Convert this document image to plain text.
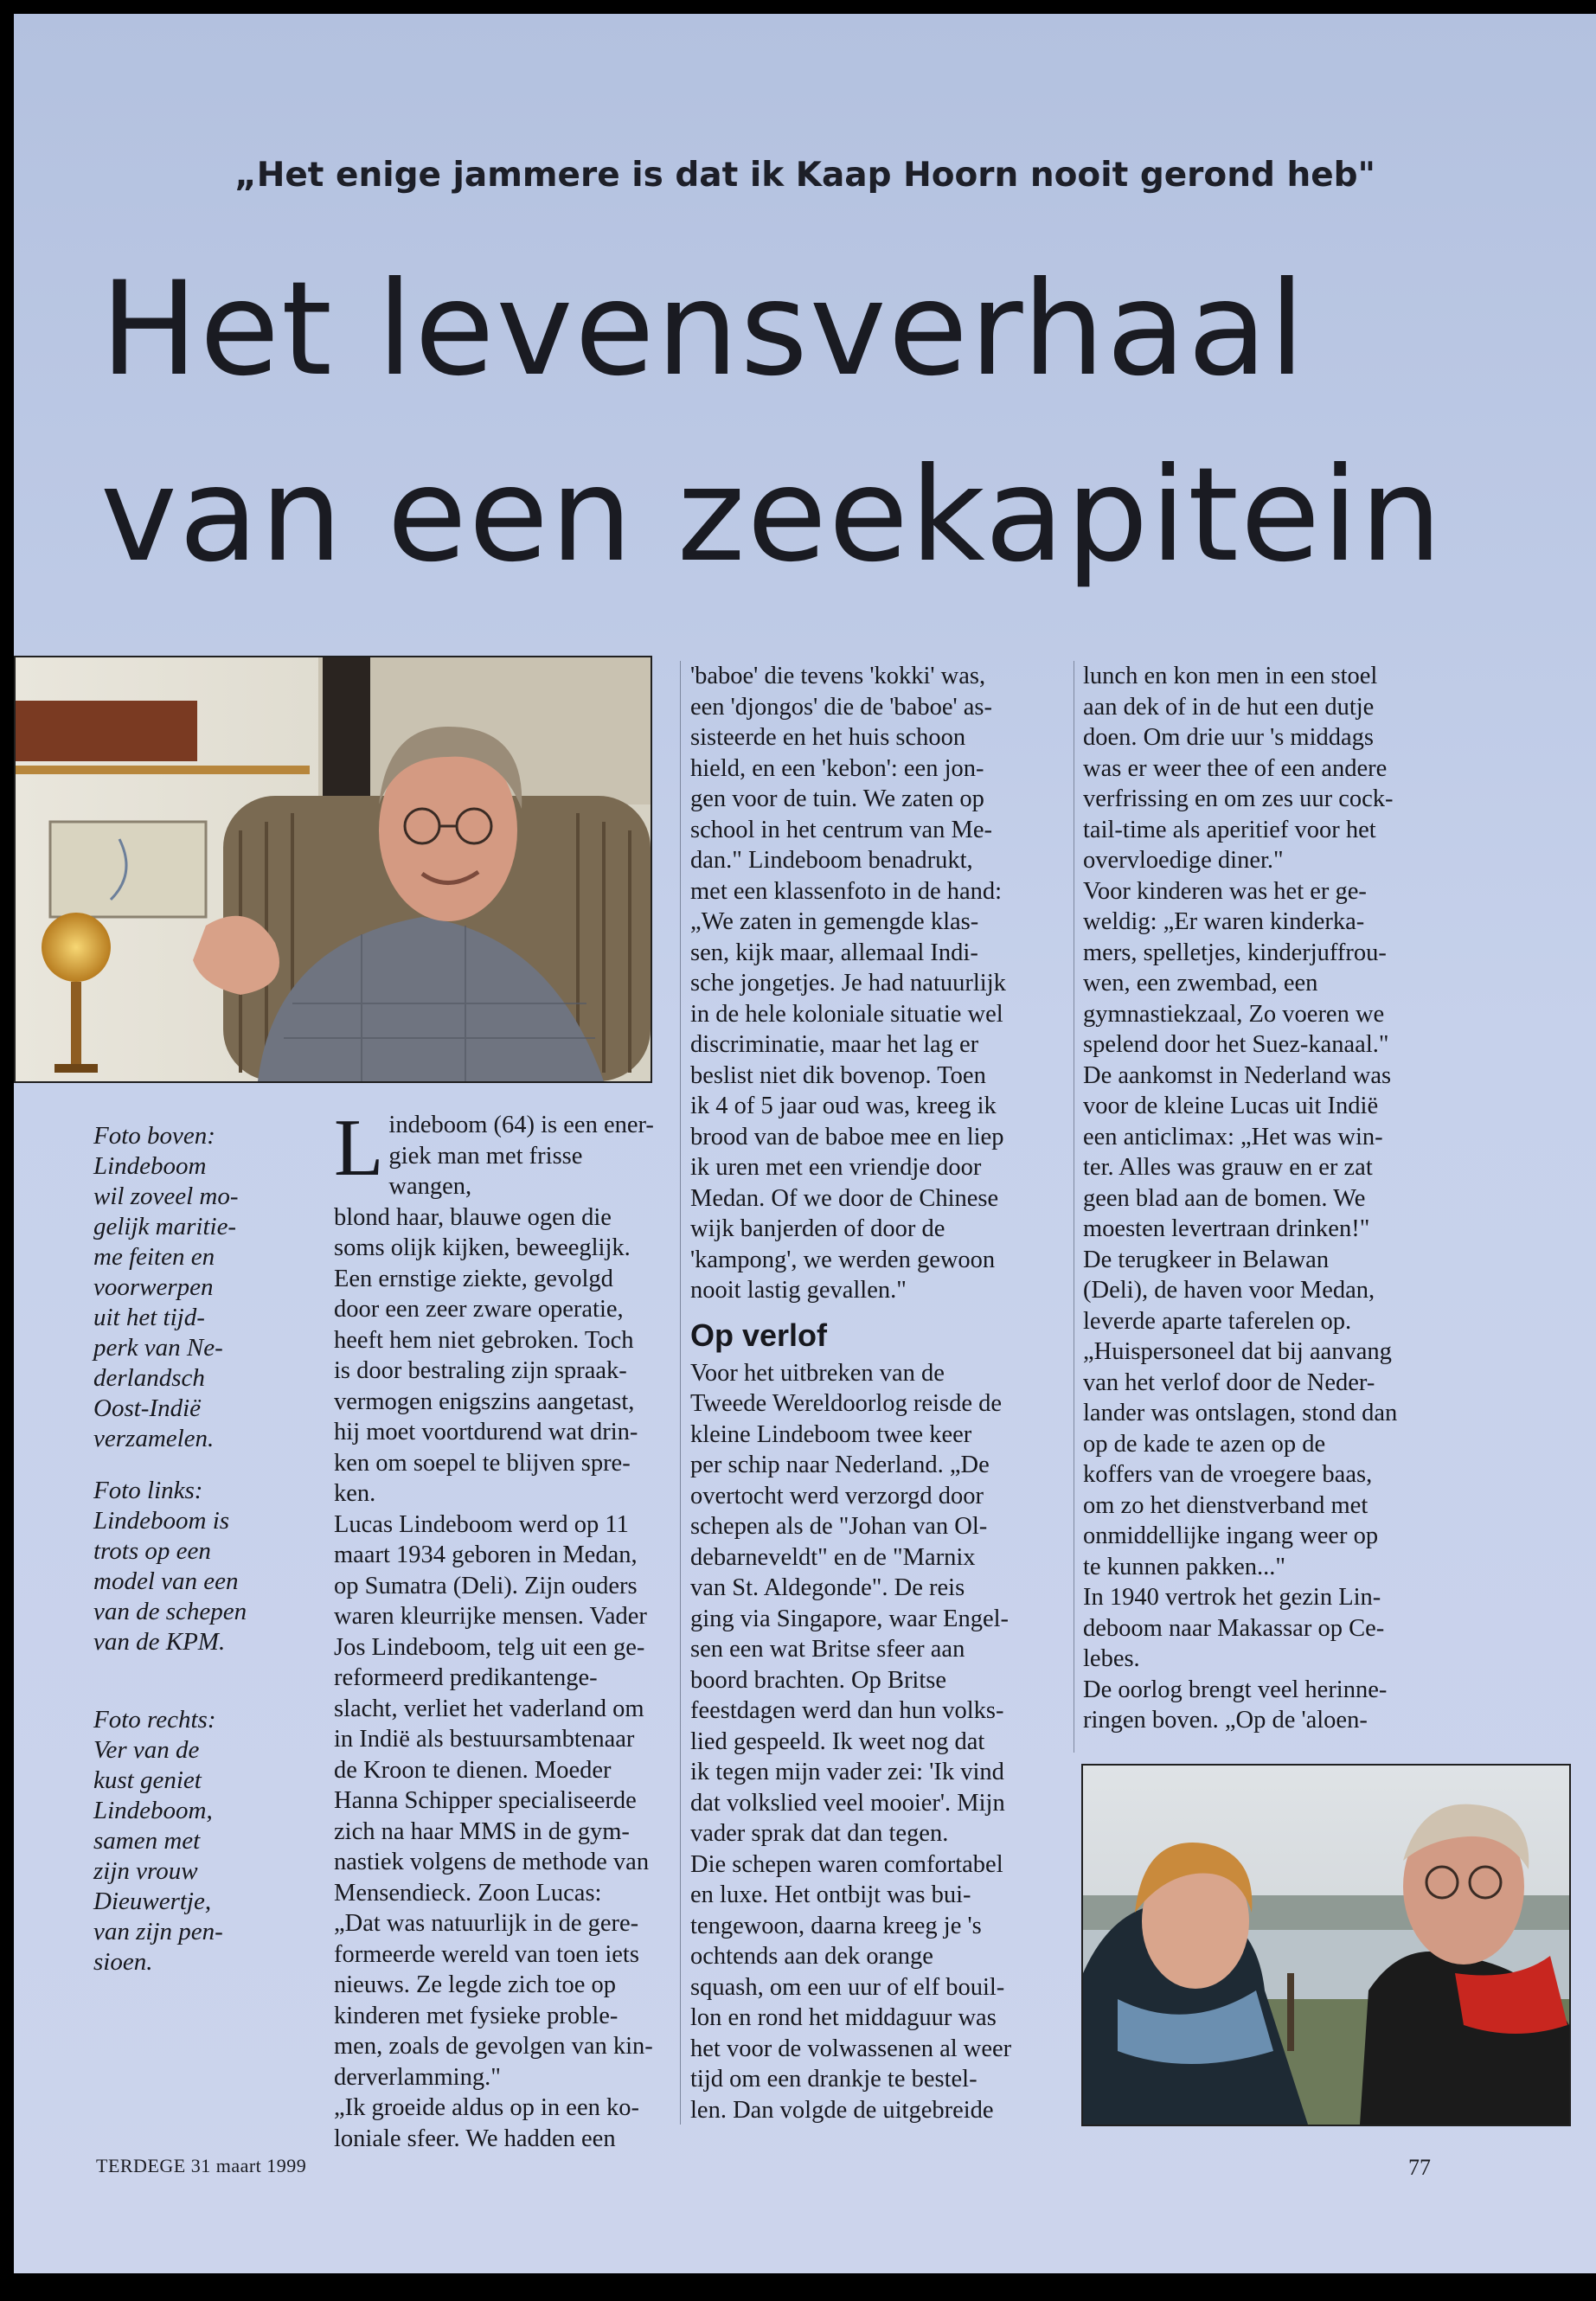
„Het enige jammere is dat ik Kaap Hoorn nooit gerond heb"
Het levensverhaal
van een zeekapitein

Foto boven:

Lindeboom

wil zoveel mo-

gelijk maritie-

me feiten en

voorwerpen

uit het tijd-

perk van Ne-

derlandsch

Oost-Indië

verzamelen.

Foto links:

Lindeboom is

trots op een

model van een

van de schepen

van de KPM.

Foto rechts:

Ver van de

kust geniet

Lindeboom,

samen met

zijn vrouw

Dieuwertje,

van zijn pen-

sioen.

L indeboom (64) is een ener-

giek man met frisse wangen,

blond haar, blauwe ogen die

soms olijk kijken, beweeglijk.

Een ernstige ziekte, gevolgd

door een zeer zware operatie,

heeft hem niet gebroken. Toch

is door bestraling zijn spraak-

vermogen enigszins aangetast,

hij moet voortdurend wat drin-

ken om soepel te blijven spre-

ken.

Lucas Lindeboom werd op 11

maart 1934 geboren in Medan,

op Sumatra (Deli). Zijn ouders

waren kleurrijke mensen. Vader

Jos Lindeboom, telg uit een ge-

reformeerd predikantenge-

slacht, verliet het vaderland om

in Indië als bestuursambtenaar

de Kroon te dienen. Moeder

Hanna Schipper specialiseerde

zich na haar MMS in de gym-

nastiek volgens de methode van

Mensendieck. Zoon Lucas:

„Dat was natuurlijk in de gere-

formeerde wereld van toen iets

nieuws. Ze legde zich toe op

kinderen met fysieke proble-

men, zoals de gevolgen van kin-

derverlamming."

„Ik groeide aldus op in een ko-

loniale sfeer. We hadden een

'baboe' die tevens 'kokki' was,

een 'djongos' die de 'baboe' as-

sisteerde en het huis schoon

hield, en een 'kebon': een jon-

gen voor de tuin. We zaten op

school in het centrum van Me-

dan." Lindeboom benadrukt,

met een klassenfoto in de hand:

„We zaten in gemengde klas-

sen, kijk maar, allemaal Indi-

sche jongetjes. Je had natuurlijk

in de hele koloniale situatie wel

discriminatie, maar het lag er

beslist niet dik bovenop. Toen

ik 4 of 5 jaar oud was, kreeg ik

brood van de baboe mee en liep

ik uren met een vriendje door

Medan. Of we door de Chinese

wijk banjerden of door de

'kampong', we werden gewoon

nooit lastig gevallen."

Op verlof

Voor het uitbreken van de

Tweede Wereldoorlog reisde de

kleine Lindeboom twee keer

per schip naar Nederland. „De

overtocht werd verzorgd door

schepen als de "Johan van Ol-

debarneveldt" en de "Marnix

van St. Aldegonde". De reis

ging via Singapore, waar Engel-

sen een wat Britse sfeer aan

boord brachten. Op Britse

feestdagen werd dan hun volks-

lied gespeeld. Ik weet nog dat

ik tegen mijn vader zei: 'Ik vind

dat volkslied veel mooier'. Mijn

vader sprak dat dan tegen.

Die schepen waren comfortabel

en luxe. Het ontbijt was bui-

tengewoon, daarna kreeg je 's

ochtends aan dek orange

squash, om een uur of elf bouil-

lon en rond het middaguur was

het voor de volwassenen al weer

tijd om een drankje te bestel-

len. Dan volgde de uitgebreide

lunch en kon men in een stoel

aan dek of in de hut een dutje

doen. Om drie uur 's middags

was er weer thee of een andere

verfrissing en om zes uur cock-

tail-time als aperitief voor het

overvloedige diner."

Voor kinderen was het er ge-

weldig: „Er waren kinderka-

mers, spelletjes, kinderjuffrou-

wen, een zwembad, een

gymnastiekzaal, Zo voeren we

spelend door het Suez-kanaal."

De aankomst in Nederland was

voor de kleine Lucas uit Indië

een anticlimax: „Het was win-

ter. Alles was grauw en er zat

geen blad aan de bomen. We

moesten levertraan drinken!"

De terugkeer in Belawan

(Deli), de haven voor Medan,

leverde aparte taferelen op.

„Huispersoneel dat bij aanvang

van het verlof door de Neder-

lander was ontslagen, stond dan

op de kade te azen op de

koffers van de vroegere baas,

om zo het dienstverband met

onmiddellijke ingang weer op

te kunnen pakken..."

In 1940 vertrok het gezin Lin-

deboom naar Makassar op Ce-

lebes.

De oorlog brengt veel herinne-

ringen boven. „Op de 'aloen-

TERDEGE 31 maart 1999	77
